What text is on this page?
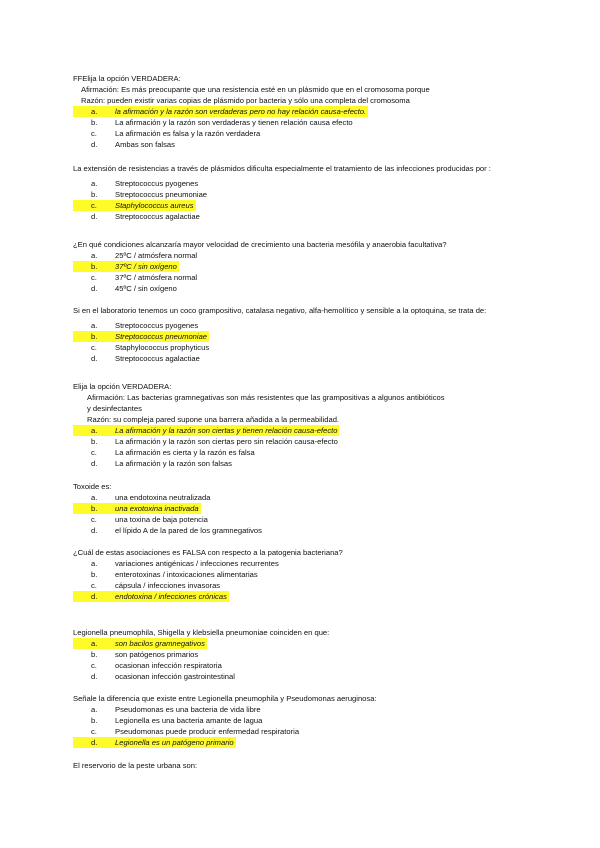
FFElija la opción VERDADERA:
Afirmación: Es más preocupante que una resistencia esté en un plásmido que en el cromosoma porque
Razón: pueden existir varias copias de plásmido por bacteria y sólo una completa del cromosoma
a. la afirmación y la razón son verdaderas pero no hay relación causa-efecto.
b. La afirmación y la razón son verdaderas y tienen relación causa efecto
c. La afirmación es falsa y la razón verdadera
d. Ambas son falsas
La extensión de resistencias a través de plásmidos dificulta especialmente el tratamiento de las infecciones producidas por :
a. Streptococcus pyogenes
b. Streptococcus pneumoniae
c. Staphylococcus aureus
d. Streptococcus agalactiae
¿En qué condiciones alcanzaría mayor velocidad de crecimiento una bacteria mesófila y anaerobia facultativa?
a. 25ºC / atmósfera normal
b. 37ºC / sin oxígeno
c. 37ºC / atmósfera normal
d. 45ºC / sin oxígeno
Si en el laboratorio tenemos un coco grampositivo, catalasa negativo, alfa-hemolítico y sensible a la optoquina, se trata de:
a. Streptococcus pyogenes
b. Streptococcus pneumoniae
c. Staphylococcus prophyticus
d. Streptococcus agalactiae
Elija la opción VERDADERA:
Afirmación: Las bacterias gramnegativas son más resistentes que las grampositivas a algunos antibióticos
y desinfectantes
Razón: su compleja pared supone una barrera añadida a la permeabilidad.
a. La afirmación y la razón son ciertas y tienen relación causa-efecto
b. La afirmación y la razón son ciertas pero sin relación causa-efecto
c. La afirmación es cierta y la razón es falsa
d. La afirmación y la razón son falsas
Toxoide es:
a. una endotoxina neutralizada
b. una exotoxina inactivada
c. una toxina de baja potencia
d. el lípido A de la pared de los gramnegativos
¿Cuál de estas asociaciones es FALSA con respecto a la patogenia bacteriana?
a. variaciones antigénicas / infecciones recurrentes
b. enterotoxinas / intoxicaciones alimentarias
c. cápsula / infecciones invasoras
d. endotoxina / infecciones crónicas
Legionella pneumophila, Shigella y klebsiella pneumoniae coinciden en que:
a. son bacilos gramnegativos
b. son patógenos primarios
c. ocasionan infección respiratoria
d. ocasionan infección gastrointestinal
Señale la diferencia que existe entre Legionella pneumophila y Pseudomonas aeruginosa:
a. Pseudomonas es una bacteria de vida libre
b. Legionella es una bacteria amante de lagua
c. Pseudomonas puede producir enfermedad respiratoria
d. Legionella es un patógeno primario
El reservorio de la peste urbana son:
